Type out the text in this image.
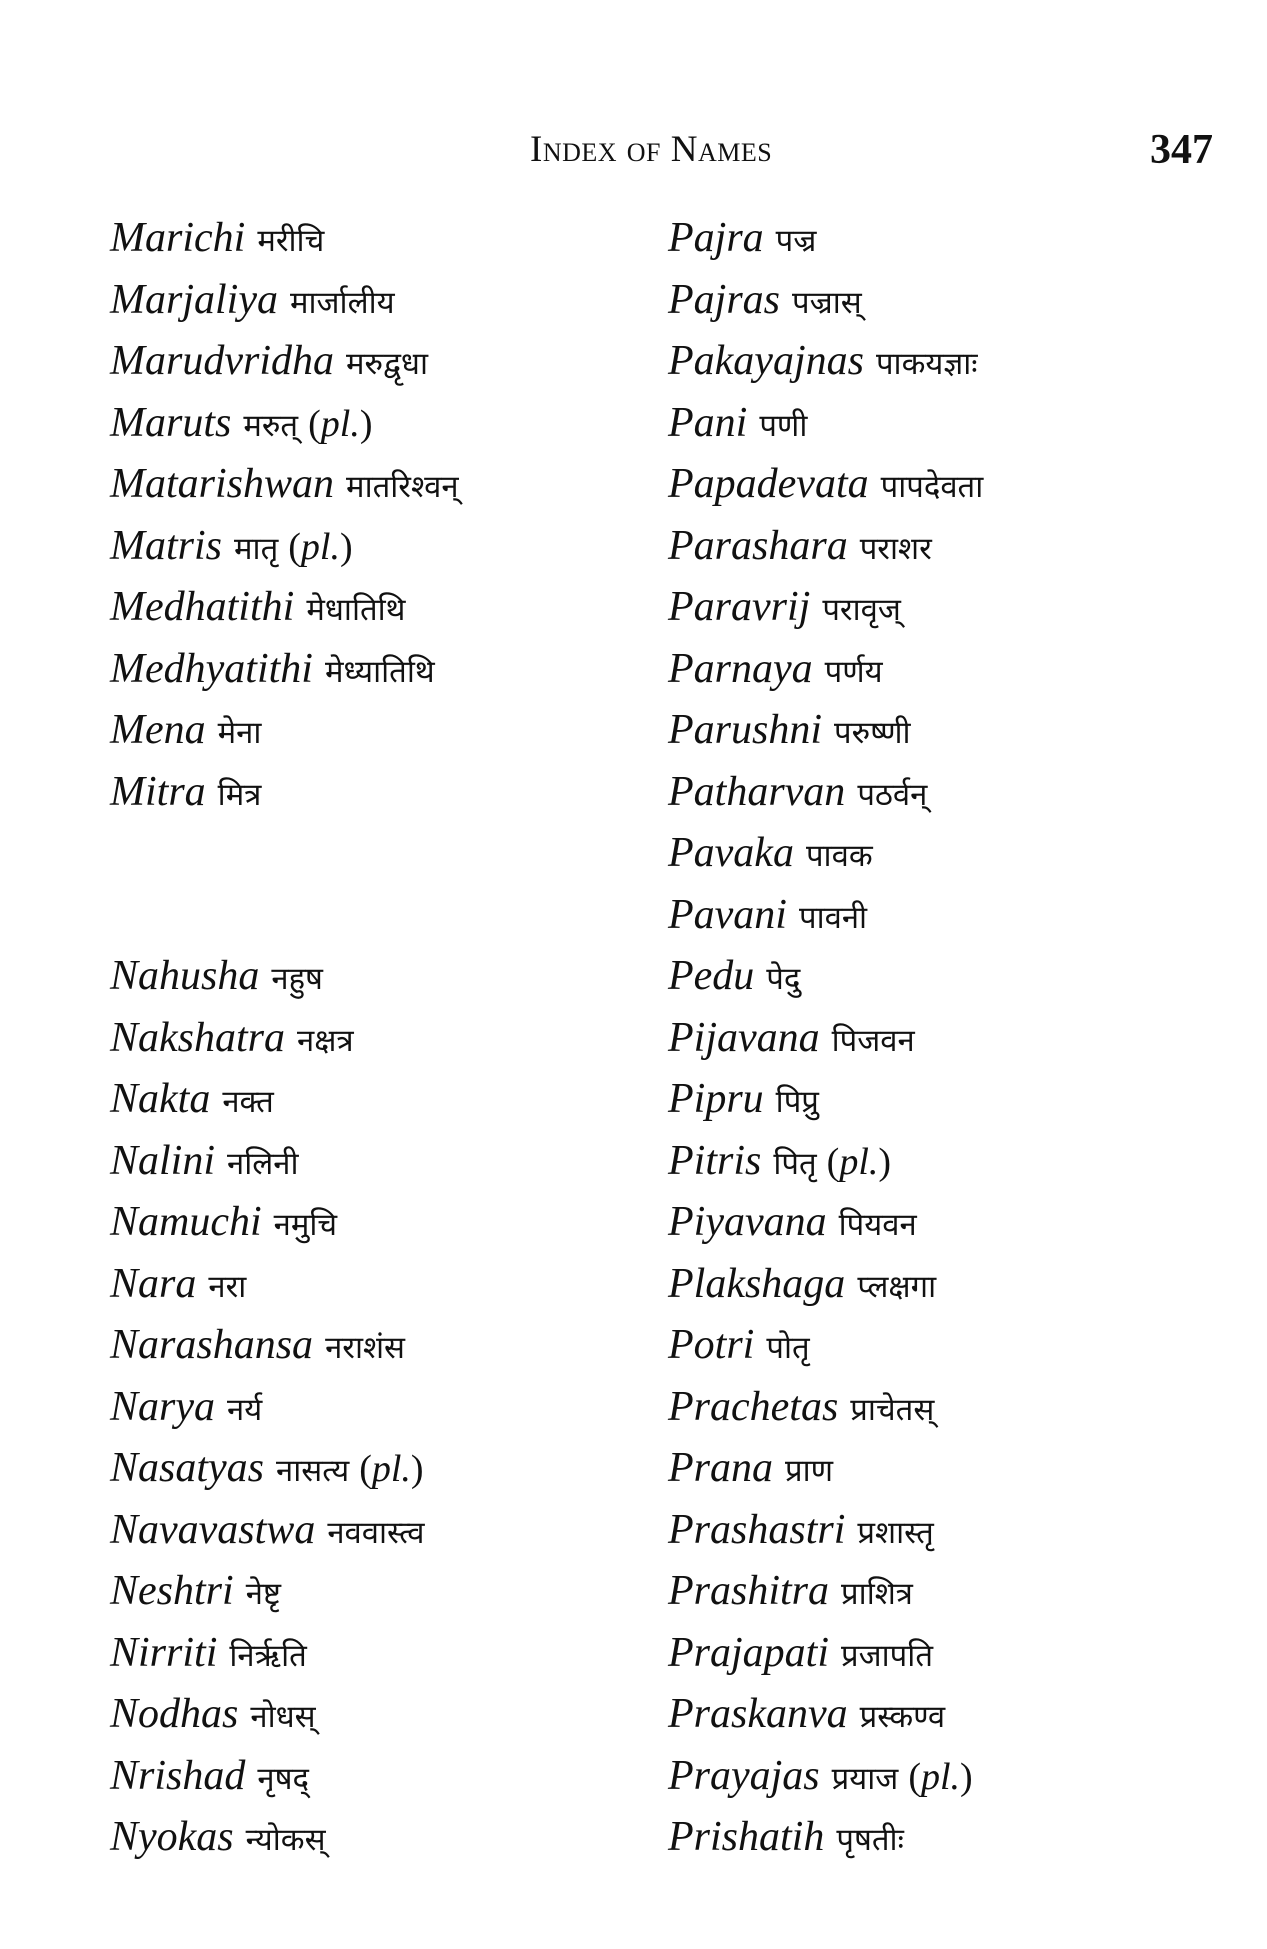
Index of Names	347
Marichi मरीचि
Marjaliya मार्जालीय
Marudvridha मरुद्वृधा
Maruts मरुत् (pl.)
Matarishwan मातरिश्वन्
Matris मातृ (pl.)
Medhatithi मेधातिथि
Medhyatithi मेध्यातिथि
Mena मेना
Mitra मित्र
Nahusha नहुष
Nakshatra नक्षत्र
Nakta नक्त
Nalini नलिनी
Namuchi नमुचि
Nara नरा
Narashansa नराशंस
Narya नर्य
Nasatyas नासत्य (pl.)
Navavastwa नववास्त्व
Neshtri नेष्टृ
Nirriti निर्ऋति
Nodhas नोधस्
Nrishad नृषद्
Nyokas न्योकस्
Pajra पज्र
Pajras पज्रास्
Pakayajnas पाकयज्ञाः
Pani पणी
Papadevata पापदेवता
Parashara पराशर
Paravrij परावृज्
Parnaya पर्णय
Parushni परुष्णी
Patharvan पठर्वन्
Pavaka पावक
Pavani पावनी
Pedu पेदु
Pijavana पिजवन
Pipru पिप्रु
Pitris पितृ (pl.)
Piyavana पियवन
Plakshaga प्लक्षगा
Potri पोतृ
Prachetas प्राचेतस्
Prana प्राण
Prashastri प्रशास्तृ
Prashitra प्राशित्र
Prajapati प्रजापति
Praskanva प्रस्कण्व
Prayajas प्रयाज (pl.)
Prishatih पृषतीः
